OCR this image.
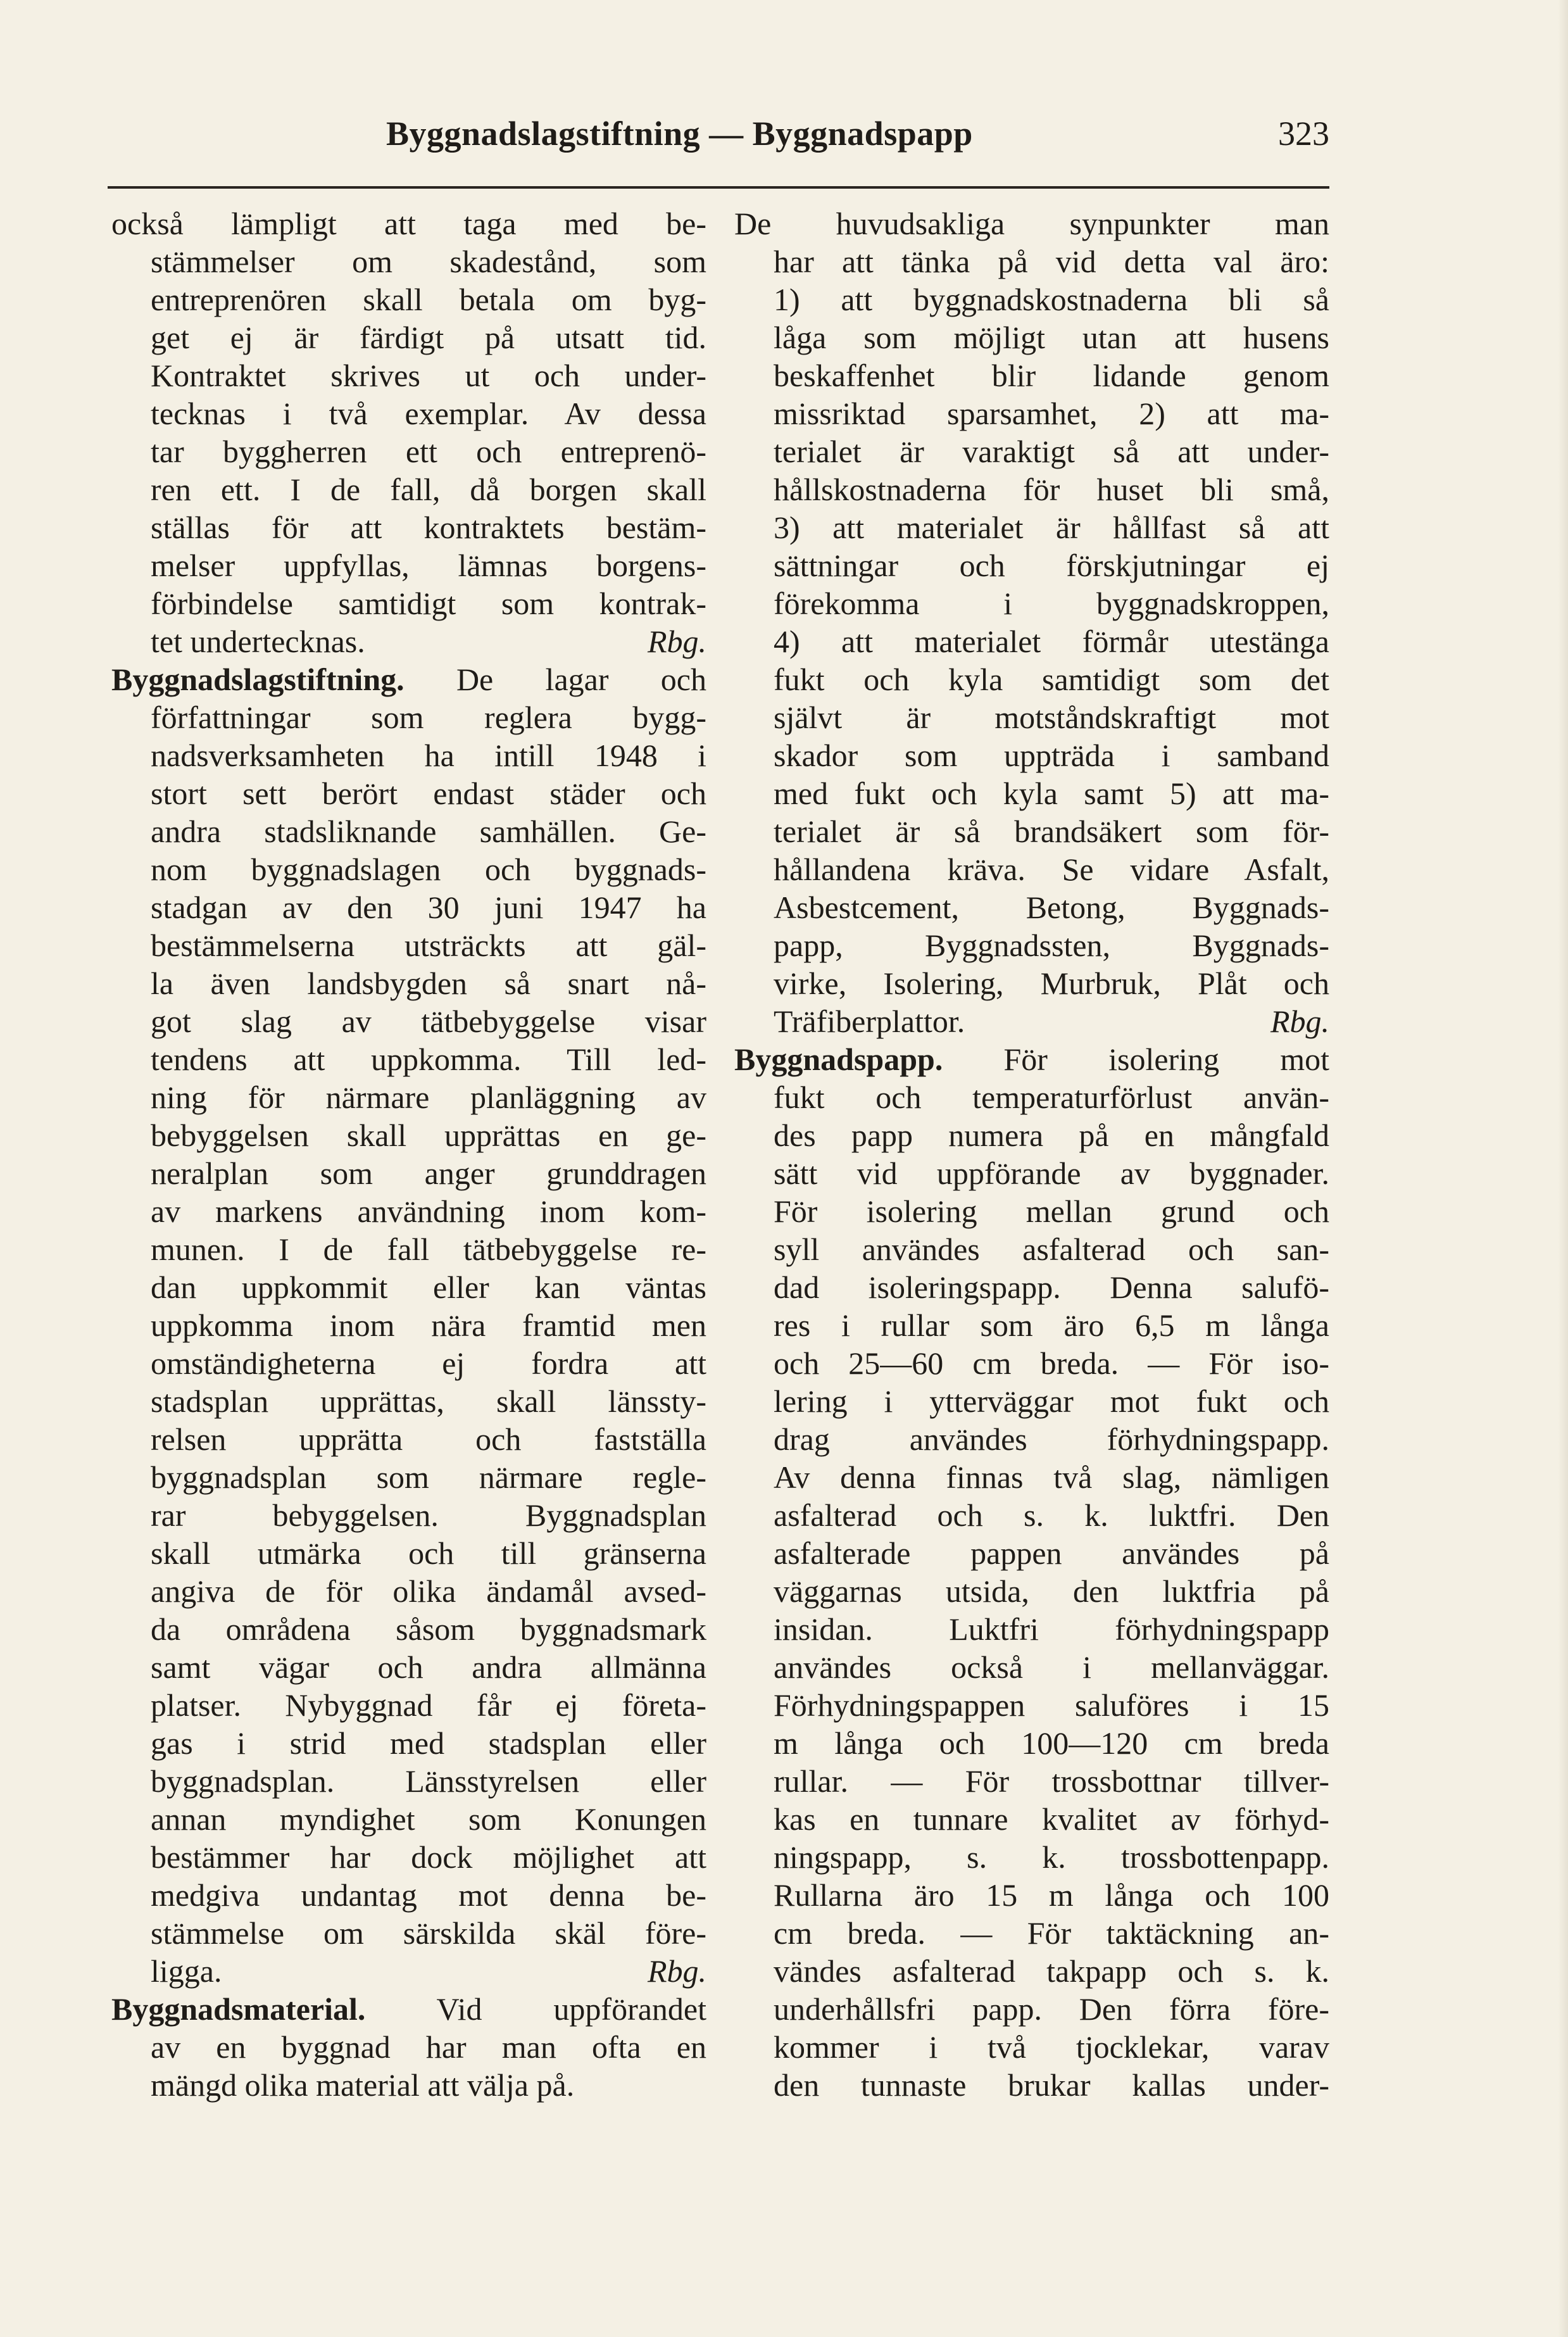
Byggnadslagstiftning — Byggnadspapp	323
också lämpligt att taga med be-
stämmelser om skadestånd, som
entreprenören skall betala om byg-
get ej är färdigt på utsatt tid.
Kontraktet skrives ut och under-
tecknas i två exemplar. Av dessa
tar byggherren ett och entreprenö-
ren ett. I de fall, då borgen skall
ställas för att kontraktets bestäm-
melser uppfyllas, lämnas borgens-
förbindelse samtidigt som kontrak-
tet undertecknas.	Rbg.
Byggnadslagstiftning. De lagar och
författningar som reglera bygg-
nadsverksamheten ha intill 1948 i
stort sett berört endast städer och
andra stadsliknande samhällen. Ge-
nom byggnadslagen och byggnads-
stadgan av den 30 juni 1947 ha
bestämmelserna utsträckts att gäl-
la även landsbygden så snart nå-
got slag av tätbebyggelse visar
tendens att uppkomma. Till led-
ning för närmare planläggning av
bebyggelsen skall upprättas en ge-
neralplan som anger grunddragen
av markens användning inom kom-
munen. I de fall tätbebyggelse re-
dan uppkommit eller kan väntas
uppkomma inom nära framtid men
omständigheterna ej fordra att
stadsplan upprättas, skall länssty-
relsen upprätta och fastställa
byggnadsplan som närmare regle-
rar bebyggelsen. Byggnadsplan
skall utmärka och till gränserna
angiva de för olika ändamål avsed-
da områdena såsom byggnadsmark
samt vägar och andra allmänna
platser. Nybyggnad får ej företa-
gas i strid med stadsplan eller
byggnadsplan. Länsstyrelsen eller
annan myndighet som Konungen
bestämmer har dock möjlighet att
medgiva undantag mot denna be-
stämmelse om särskilda skäl före-
ligga.	Rbg.
Byggnadsmaterial. Vid uppförandet
av en byggnad har man ofta en
mängd olika material att välja på.
De huvudsakliga synpunkter man
har att tänka på vid detta val äro:
1) att byggnadskostnaderna bli så
låga som möjligt utan att husens
beskaffenhet blir lidande genom
missriktad sparsamhet, 2) att ma-
terialet är varaktigt så att under-
hållskostnaderna för huset bli små,
3) att materialet är hållfast så att
sättningar och förskjutningar ej
förekomma i byggnadskroppen,
4) att materialet förmår utestänga
fukt och kyla samtidigt som det
självt är motståndskraftigt mot
skador som uppträda i samband
med fukt och kyla samt 5) att ma-
terialet är så brandsäkert som för-
hållandena kräva. Se vidare Asfalt,
Asbestcement, Betong, Byggnads-
papp, Byggnadssten, Byggnads-
virke, Isolering, Murbruk, Plåt och
Träfiberplattor.	Rbg.
Byggnadspapp. För isolering mot
fukt och temperaturförlust använ-
des papp numera på en mångfald
sätt vid uppförande av byggnader.
För isolering mellan grund och
syll användes asfalterad och san-
dad isoleringspapp. Denna salufö-
res i rullar som äro 6,5 m långa
och 25—60 cm breda. — För iso-
lering i ytterväggar mot fukt och
drag användes förhydningspapp.
Av denna finnas två slag, nämligen
asfalterad och s. k. luktfri. Den
asfalterade pappen användes på
väggarnas utsida, den luktfria på
insidan. Luktfri förhydningspapp
användes också i mellanväggar.
Förhydningspappen saluföres i 15
m långa och 100—120 cm breda
rullar. — För trossbottnar tillver-
kas en tunnare kvalitet av förhyd-
ningspapp, s. k. trossbottenpapp.
Rullarna äro 15 m långa och 100
cm breda. — För taktäckning an-
vändes asfalterad takpapp och s. k.
underhållsfri papp. Den förra före-
kommer i två tjocklekar, varav
den tunnaste brukar kallas under-
